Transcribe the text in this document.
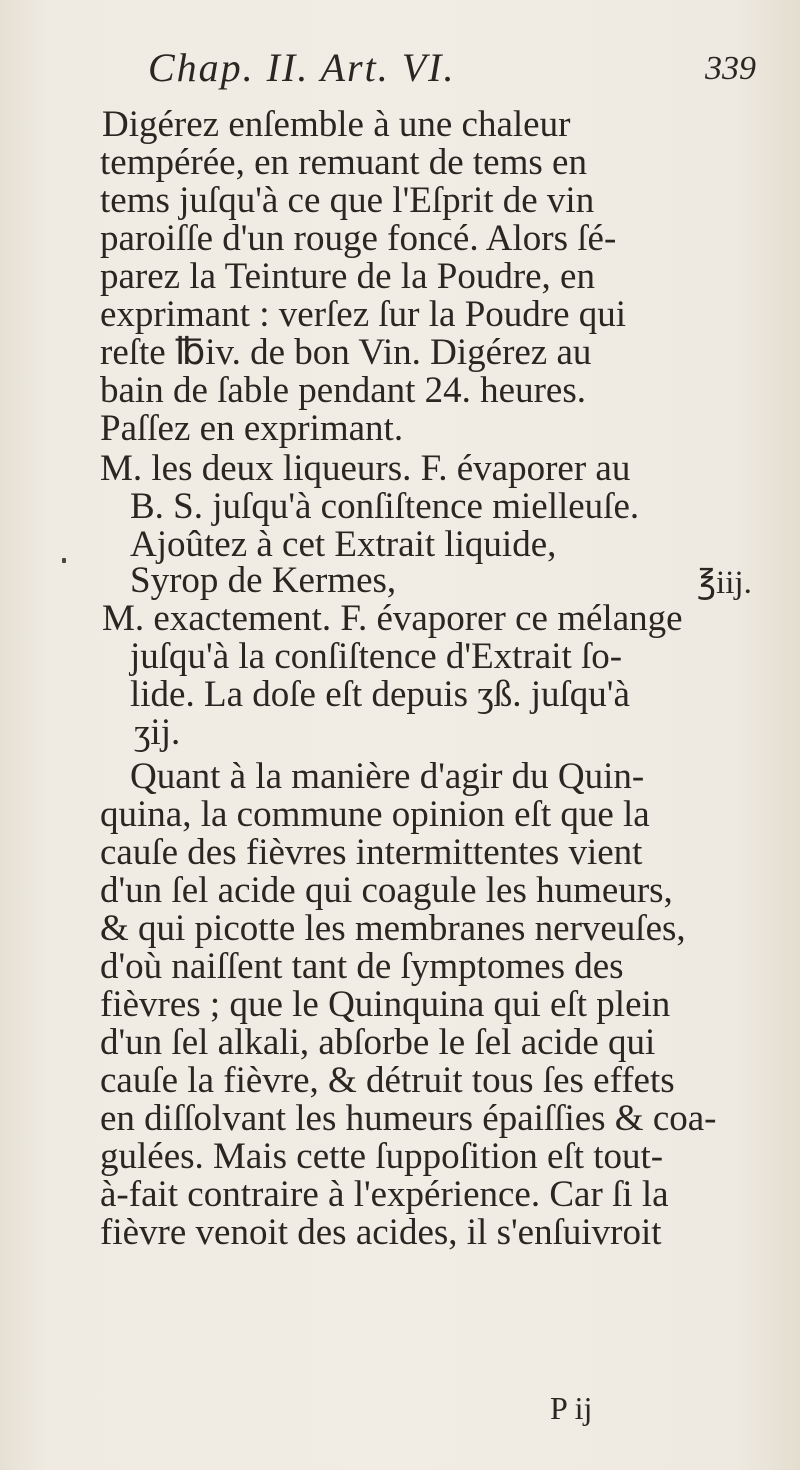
Chap. II. Art. VI.	339
Digérez enſemble à une chaleur
tempérée, en remuant de tems en
tems juſqu'à ce que l'Eſprit de vin
paroiſſe d'un rouge foncé. Alors ſé-
parez la Teinture de la Poudre, en
exprimant : verſez ſur la Poudre qui
reſte ℔iv. de bon Vin. Digérez au
bain de ſable pendant 24. heures.
Paſſez en exprimant.
M. les deux liqueurs. F. évaporer au
B. S. juſqu'à conſiſtence mielleuſe.
Ajoûtez à cet Extrait liquide,
Syrop de Kermes,	℥iij.
M. exactement. F. évaporer ce mélange
juſqu'à la conſiſtence d'Extrait ſo-
lide. La doſe eſt depuis ʒß. juſqu'à
ʒij.
Quant à la manière d'agir du Quin-
quina, la commune opinion eſt que la
cauſe des fièvres intermittentes vient
d'un ſel acide qui coagule les humeurs,
& qui picotte les membranes nerveuſes,
d'où naiſſent tant de ſymptomes des
fièvres ; que le Quinquina qui eſt plein
d'un ſel alkali, abſorbe le ſel acide qui
cauſe la fièvre, & détruit tous ſes effets
en diſſolvant les humeurs épaiſſies & coa-
gulées. Mais cette ſuppoſition eſt tout-
à-fait contraire à l'expérience. Car ſi la
fièvre venoit des acides, il s'enſuivroit
P ij
